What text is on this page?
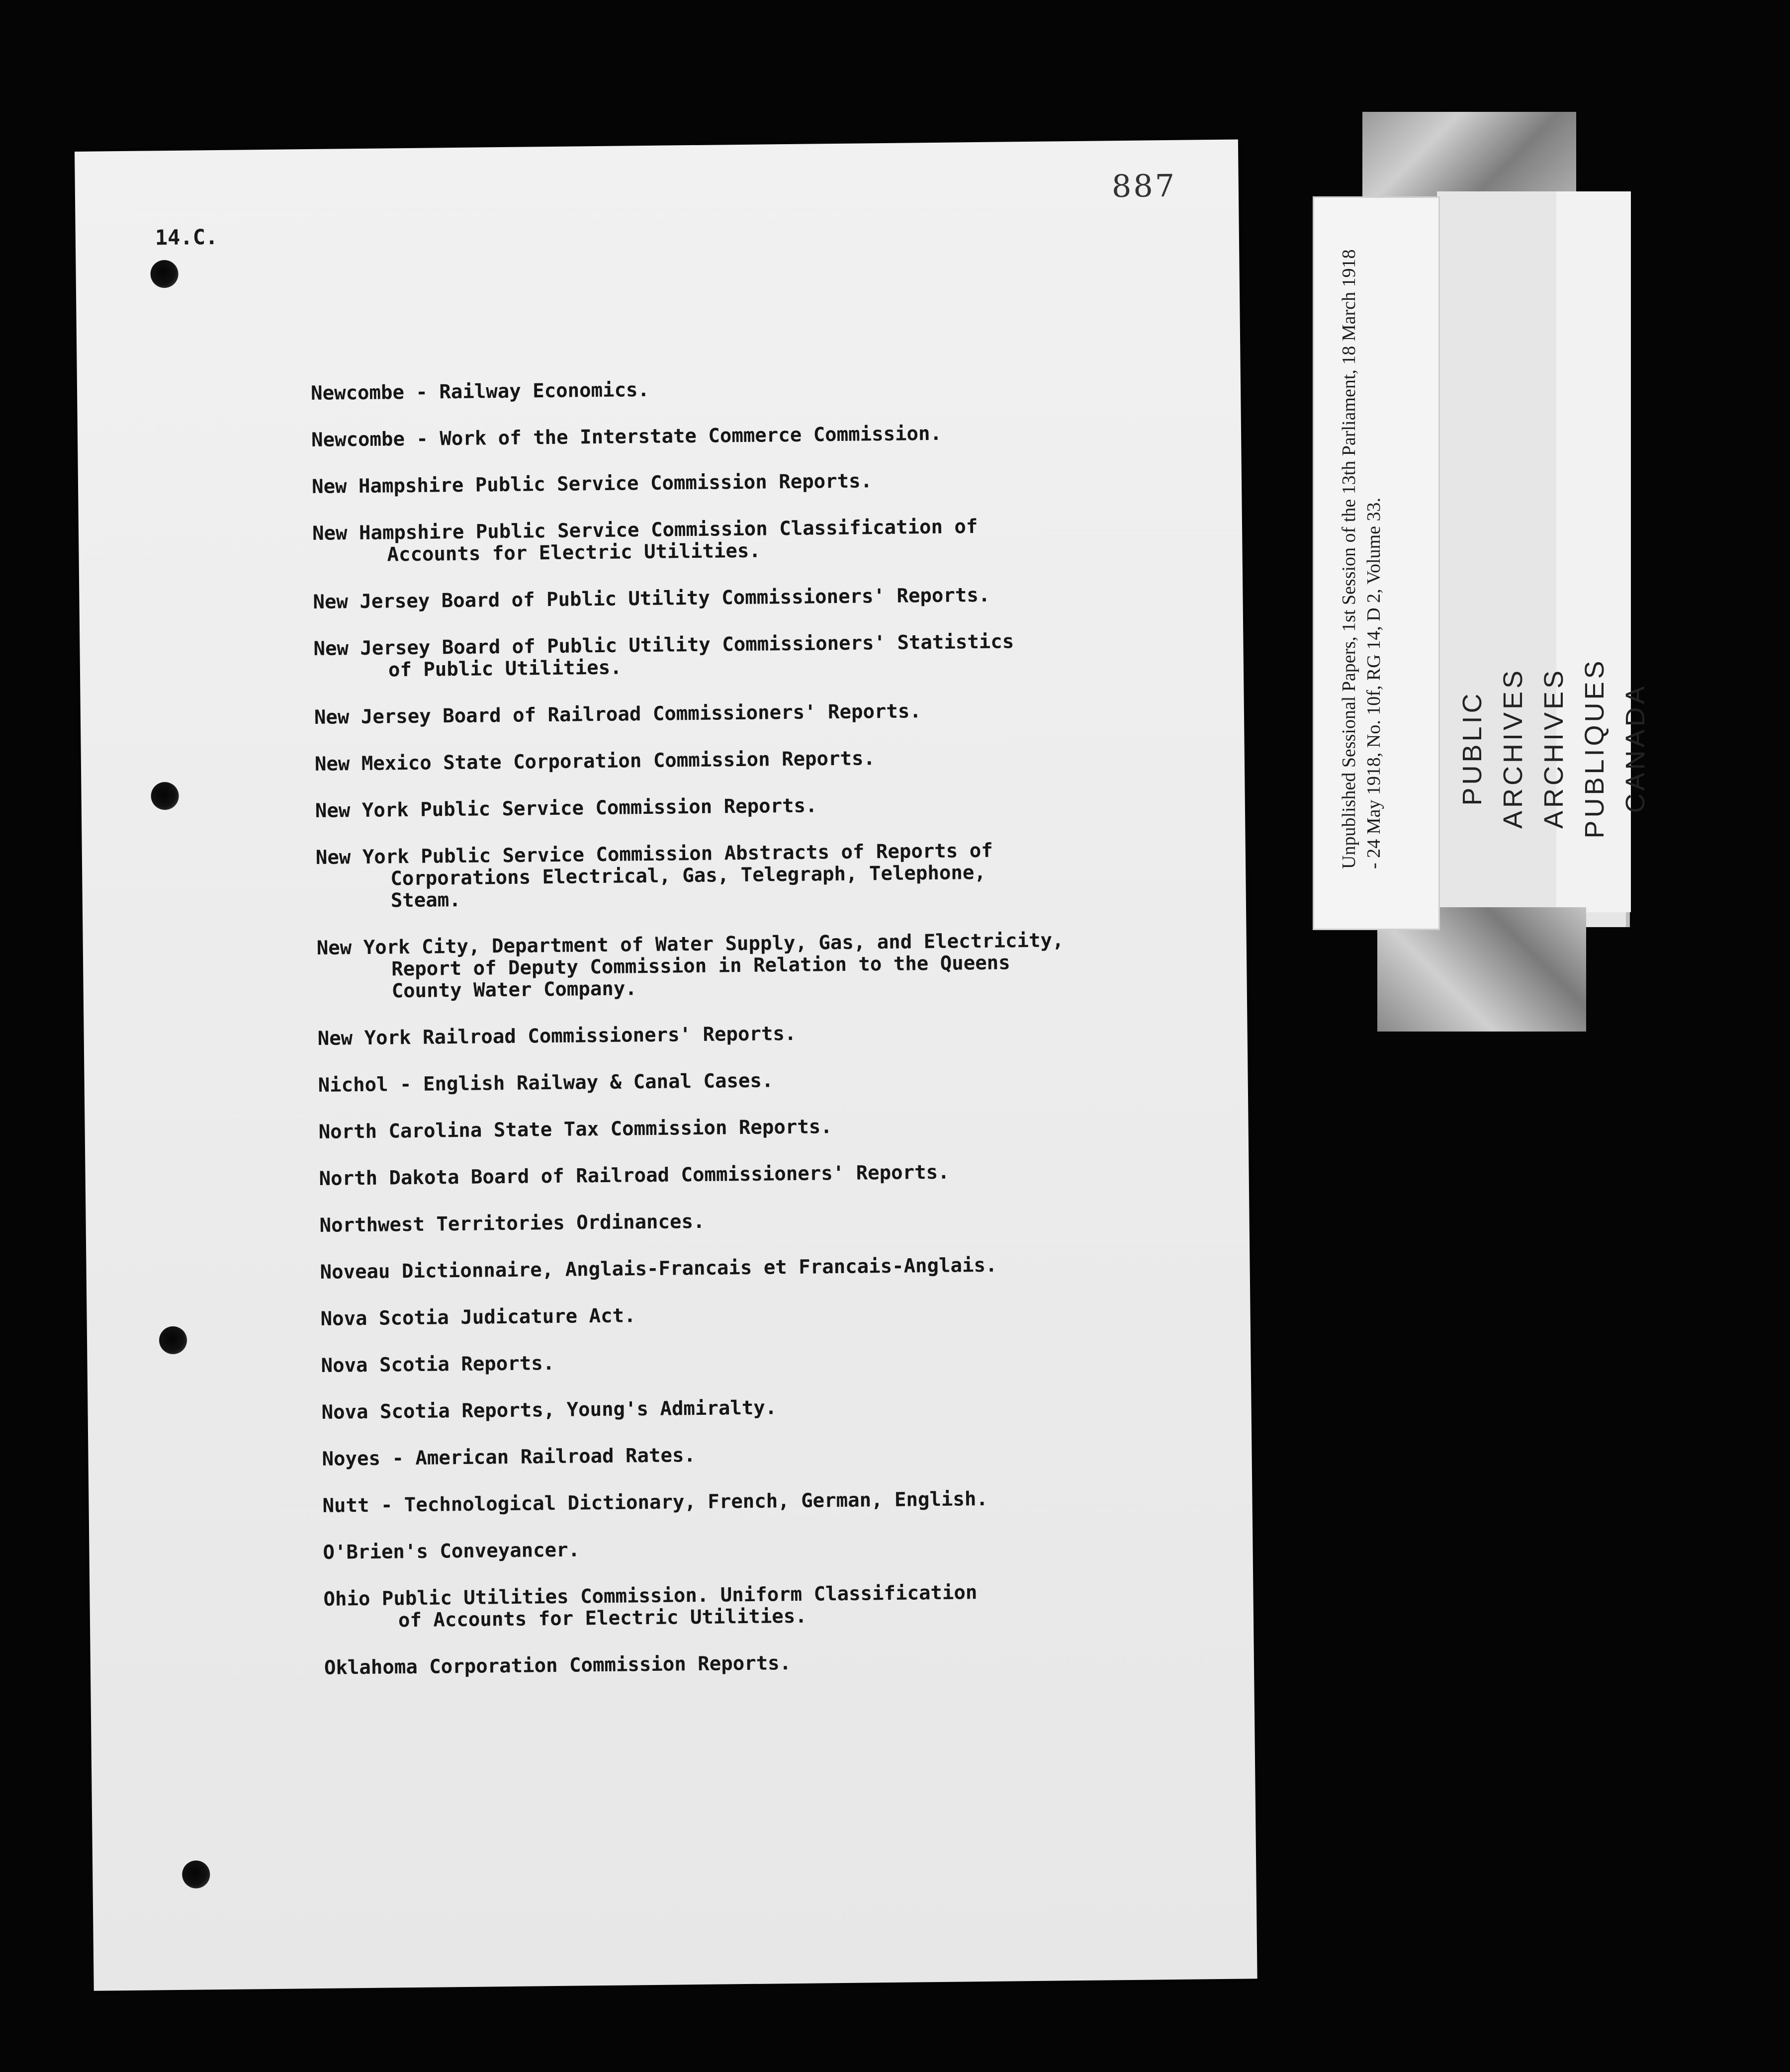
887
14.C.
Newcombe - Railway Economics.
Newcombe - Work of the Interstate Commerce Commission.
New Hampshire Public Service Commission Reports.
New Hampshire Public Service Commission Classification of
Accounts for Electric Utilities.
New Jersey Board of Public Utility Commissioners' Reports.
New Jersey Board of Public Utility Commissioners' Statistics
of Public Utilities.
New Jersey Board of Railroad Commissioners' Reports.
New Mexico State Corporation Commission Reports.
New York Public Service Commission Reports.
New York Public Service Commission Abstracts of Reports of
Corporations Electrical, Gas, Telegraph, Telephone,
Steam.
New York City, Department of Water Supply, Gas, and Electricity,
Report of Deputy Commission in Relation to the Queens
County Water Company.
New York Railroad Commissioners' Reports.
Nichol - English Railway & Canal Cases.
North Carolina State Tax Commission Reports.
North Dakota Board of Railroad Commissioners' Reports.
Northwest Territories Ordinances.
Noveau Dictionnaire, Anglais-Francais et Francais-Anglais.
Nova Scotia Judicature Act.
Nova Scotia Reports.
Nova Scotia Reports, Young's Admiralty.
Noyes - American Railroad Rates.
Nutt - Technological Dictionary, French, German, English.
O'Brien's Conveyancer.
Ohio Public Utilities Commission. Uniform Classification
of Accounts for Electric Utilities.
Oklahoma Corporation Commission Reports.
PUBLIC ARCHIVES ARCHIVES PUBLIQUES CANADA
Unpublished Sessional Papers, 1st Session of the 13th Parliament, 18 March 1918 - 24 May 1918, No. 10f, RG 14, D 2, Volume 33.
